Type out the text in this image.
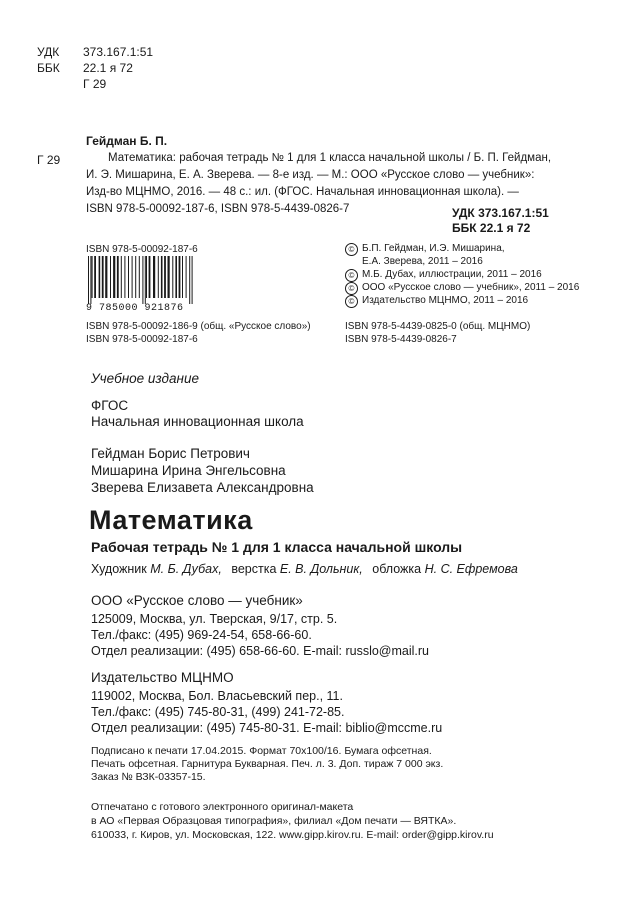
УДК 373.167.1:51
ББК 22.1 я 72
Г 29
Г 29
Гейдман Б. П.
Математика: рабочая тетрадь № 1 для 1 класса начальной школы / Б. П. Гейдман,
И. Э. Мишарина, Е. А. Зверева. — 8-е изд. — М.: ООО «Русское слово — учебник»:
Изд-во МЦНМО, 2016. — 48 с.: ил. (ФГОС. Начальная инновационная школа). —
ISBN 978-5-00092-187-6, ISBN 978-5-4439-0826-7	УДК 373.167.1:51
ББК 22.1 я 72
ISBN 978-5-00092-187-6
9 785000 921876
© Б.П. Гейдман, И.Э. Мишарина,
Е.А. Зверева, 2011 – 2016
© М.Б. Дубах, иллюстрации, 2011 – 2016
© ООО «Русское слово — учебник», 2011 – 2016
© Издательство МЦНМО, 2011 – 2016
ISBN 978-5-00092-186-9 (общ. «Русское слово»)
ISBN 978-5-00092-187-6
ISBN 978-5-4439-0825-0 (общ. МЦНМО)
ISBN 978-5-4439-0826-7
Учебное издание
ФГОС
Начальная инновационная школа
Гейдман Борис Петрович
Мишарина Ирина Энгельсовна
Зверева Елизавета Александровна
Математика
Рабочая тетрадь № 1 для 1 класса начальной школы
Художник М. Б. Дубах, верстка Е. В. Дольник, обложка Н. С. Ефремова
ООО «Русское слово — учебник»
125009, Москва, ул. Тверская, 9/17, стр. 5.
Тел./факс: (495) 969-24-54, 658-66-60.
Отдел реализации: (495) 658-66-60. E-mail: russlo@mail.ru
Издательство МЦНМО
119002, Москва, Бол. Власьевский пер., 11.
Тел./факс: (495) 745-80-31, (499) 241-72-85.
Отдел реализации: (495) 745-80-31. E-mail: biblio@mccme.ru
Подписано к печати 17.04.2015. Формат 70x100/16. Бумага офсетная.
Печать офсетная. Гарнитура Букварная. Печ. л. 3. Доп. тираж 7 000 экз.
Заказ № ВЗК-03357-15.
Отпечатано с готового электронного оригинал-макета
в АО «Первая Образцовая типография», филиал «Дом печати — ВЯТКА».
610033, г. Киров, ул. Московская, 122. www.gipp.kirov.ru. E-mail: order@gipp.kirov.ru
